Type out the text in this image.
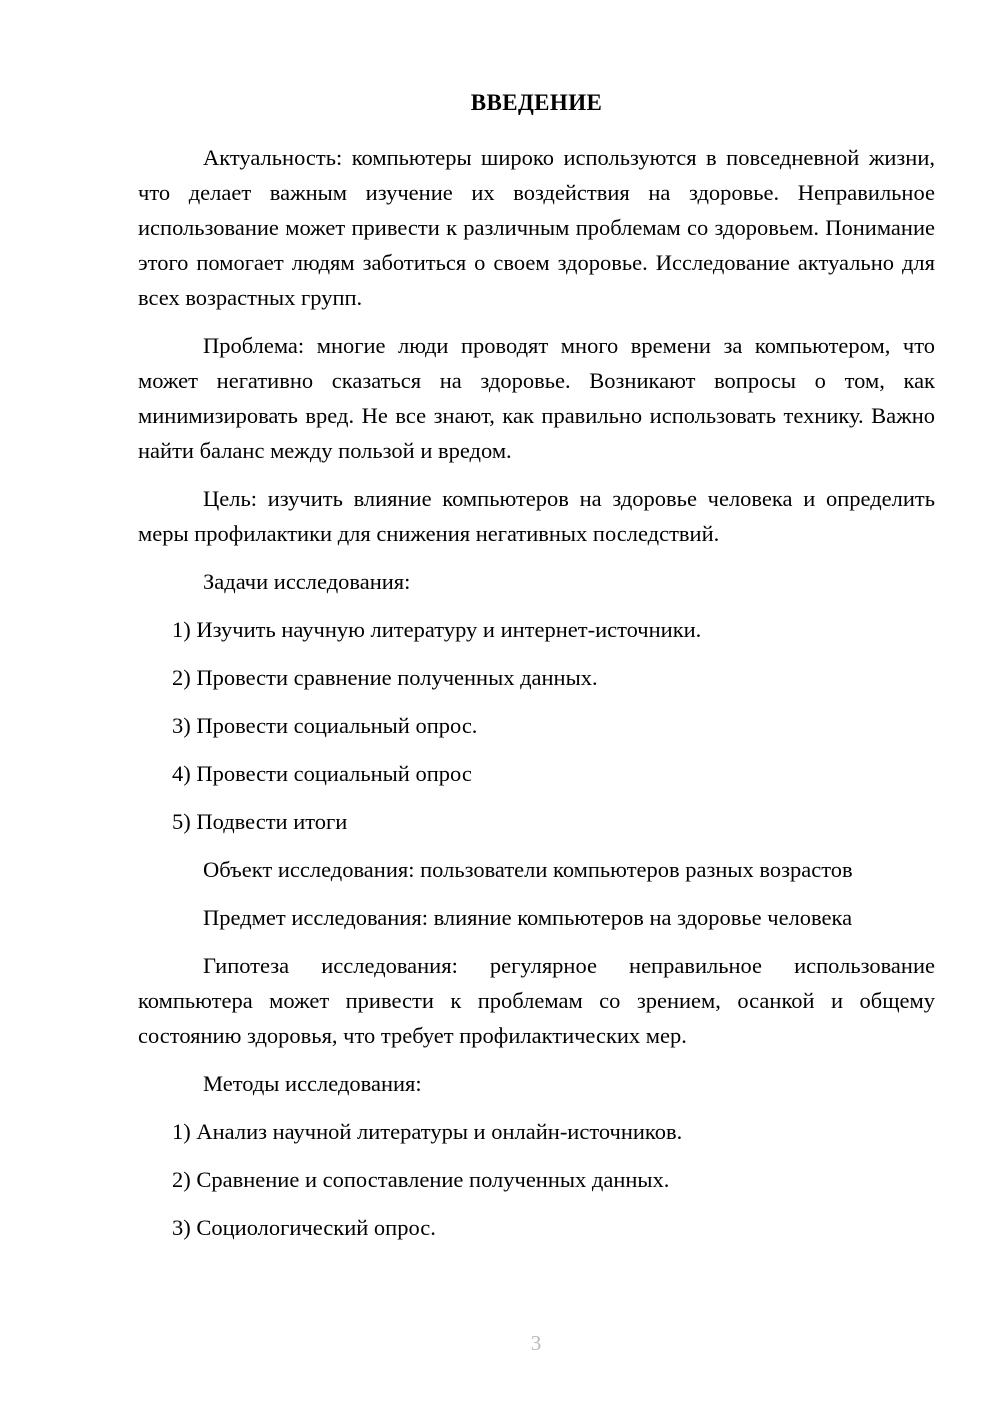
ВВЕДЕНИЕ

Актуальность: компьютеры широко используются в повседневной жизни, что делает важным изучение их воздействия на здоровье. Неправильное использование может привести к различным проблемам со здоровьем. Понимание этого помогает людям заботиться о своем здоровье. Исследование актуально для всех возрастных групп.

Проблема: многие люди проводят много времени за компьютером, что может негативно сказаться на здоровье. Возникают вопросы о том, как минимизировать вред. Не все знают, как правильно использовать технику. Важно найти баланс между пользой и вредом.

Цель: изучить влияние компьютеров на здоровье человека и определить меры профилактики для снижения негативных последствий.

Задачи исследования:

1) Изучить научную литературу и интернет-источники.
2) Провести сравнение полученных данных.
3) Провести социальный опрос.
4) Провести социальный опрос
5) Подвести итоги

Объект исследования: пользователи компьютеров разных возрастов

Предмет исследования: влияние компьютеров на здоровье человека

Гипотеза исследования: регулярное неправильное использование компьютера может привести к проблемам со зрением, осанкой и общему состоянию здоровья, что требует профилактических мер.

Методы исследования:

1) Анализ научной литературы и онлайн-источников.
2) Сравнение и сопоставление полученных данных.
3) Социологический опрос.
3
